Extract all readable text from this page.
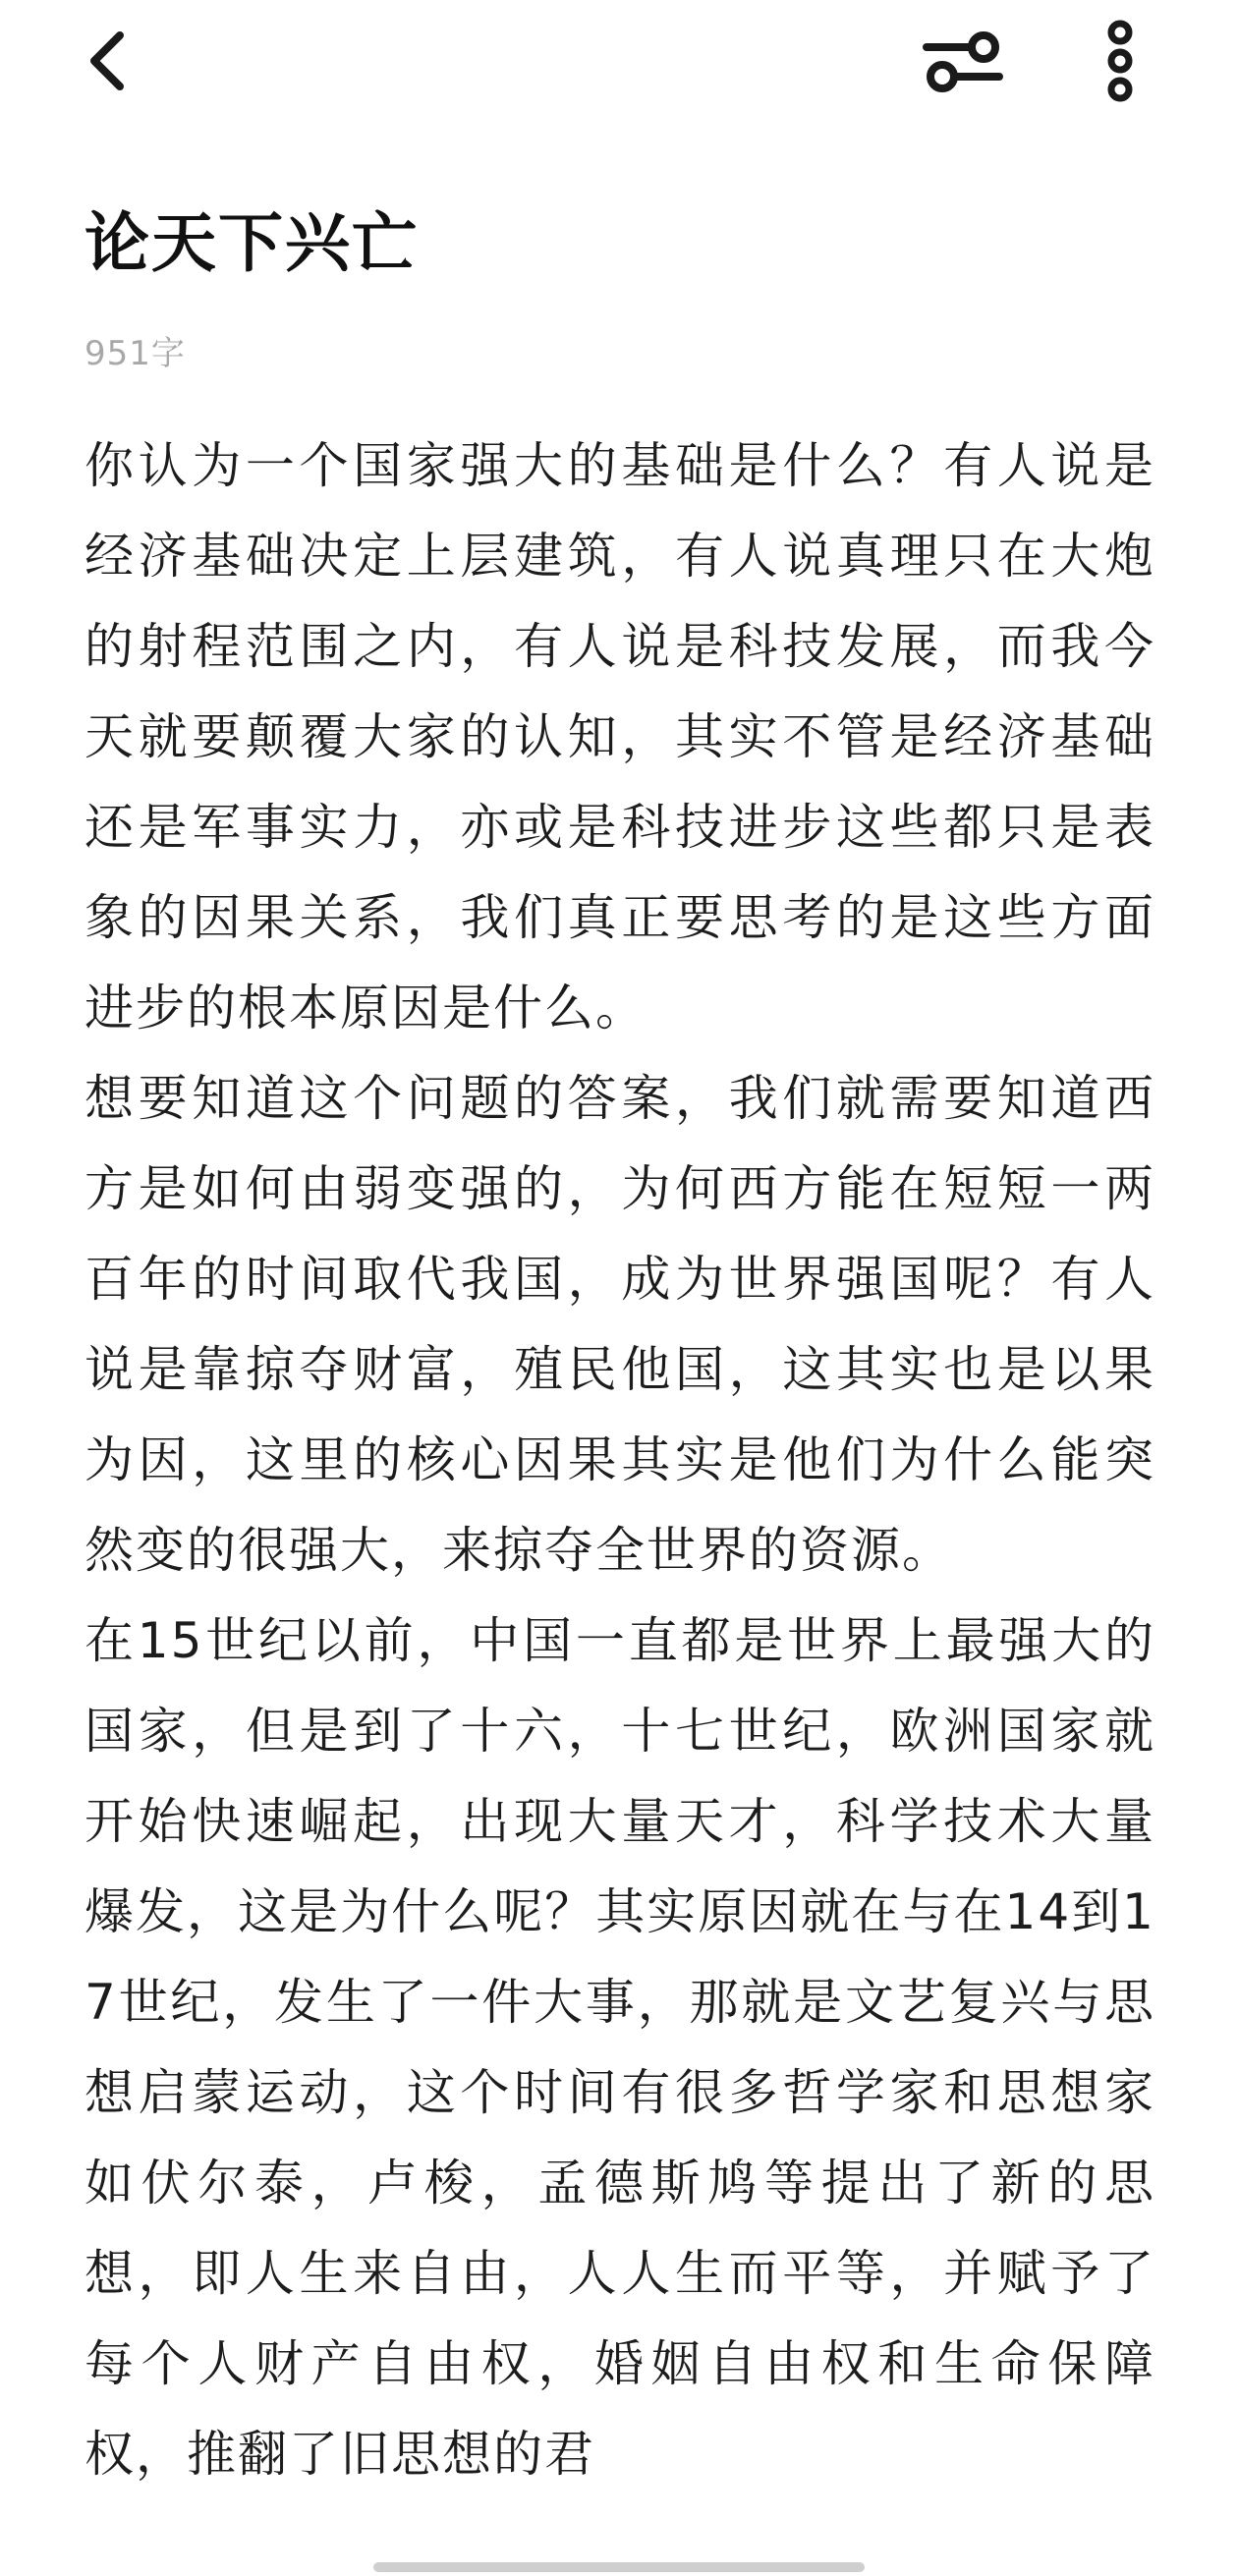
论天下兴亡
951字

你认为一个国家强大的基础是什么？有人说是经济基础决定上层建筑，有人说真理只在大炮的射程范围之内，有人说是科技发展，而我今天就要颠覆大家的认知，其实不管是经济基础还是军事实力，亦或是科技进步这些都只是表象的因果关系，我们真正要思考的是这些方面进步的根本原因是什么。

想要知道这个问题的答案，我们就需要知道西方是如何由弱变强的，为何西方能在短短一两百年的时间取代我国，成为世界强国呢？有人说是靠掠夺财富，殖民他国，这其实也是以果为因，这里的核心因果其实是他们为什么能突然变的很强大，来掠夺全世界的资源。

在15世纪以前，中国一直都是世界上最强大的国家，但是到了十六，十七世纪，欧洲国家就开始快速崛起，出现大量天才，科学技术大量爆发，这是为什么呢？其实原因就在与在14到17世纪，发生了一件大事，那就是文艺复兴与思想启蒙运动，这个时间有很多哲学家和思想家如伏尔泰，卢梭，孟德斯鸠等提出了新的思想，即人生来自由，人人生而平等，并赋予了每个人财产自由权，婚姻自由权和生命保障权，推翻了旧思想的君
